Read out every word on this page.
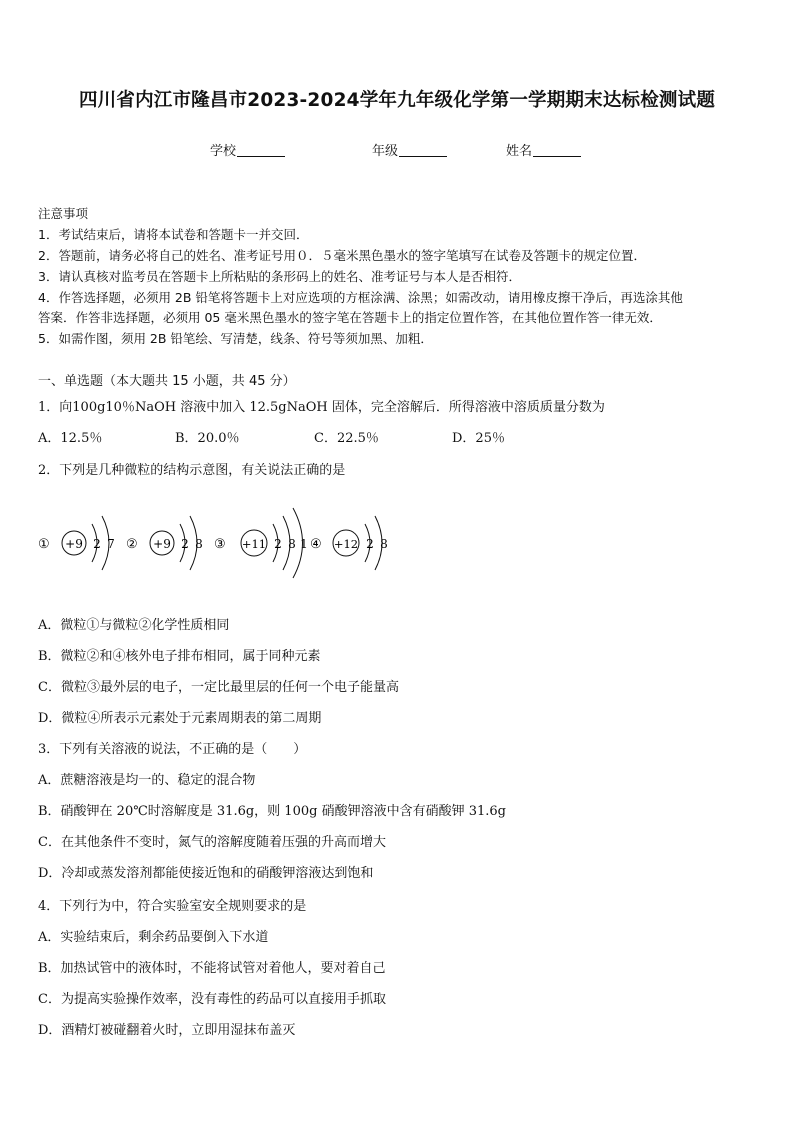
四川省内江市隆昌市2023-2024学年九年级化学第一学期期末达标检测试题
学校	年级	姓名
注意事项
1．考试结束后，请将本试卷和答题卡一并交回．
2．答题前，请务必将自己的姓名、准考证号用０．５毫米黑色墨水的签字笔填写在试卷及答题卡的规定位置．
3．请认真核对监考员在答题卡上所粘贴的条形码上的姓名、准考证号与本人是否相符．
4．作答选择题，必须用 2B 铅笔将答题卡上对应选项的方框涂满、涂黑；如需改动，请用橡皮擦干净后，再选涂其他
答案．作答非选择题，必须用 05 毫米黑色墨水的签字笔在答题卡上的指定位置作答，在其他位置作答一律无效．
5．如需作图，须用 2B 铅笔绘、写清楚，线条、符号等须加黑、加粗．
一、单选题（本大题共 15 小题，共 45 分）
1．向100g10％NaOH 溶液中加入 12.5gNaOH 固体，完全溶解后．所得溶液中溶质质量分数为
A．12.5％	B．20.0％	C．22.5％	D．25％
2．下列是几种微粒的结构示意图，有关说法正确的是
① +9 2 7 ② +9 2 8 ③ +11 2 8 1 ④ +12 2 8
A．微粒①与微粒②化学性质相同
B．微粒②和④核外电子排布相同，属于同种元素
C．微粒③最外层的电子，一定比最里层的任何一个电子能量高
D．微粒④所表示元素处于元素周期表的第二周期
3．下列有关溶液的说法，不正确的是（　　）
A．蔗糖溶液是均一的、稳定的混合物
B．硝酸钾在 20℃时溶解度是 31.6g，则 100g 硝酸钾溶液中含有硝酸钾 31.6g
C．在其他条件不变时，氮气的溶解度随着压强的升高而增大
D．冷却或蒸发溶剂都能使接近饱和的硝酸钾溶液达到饱和
4．下列行为中，符合实验室安全规则要求的是
A．实验结束后，剩余药品要倒入下水道
B．加热试管中的液体时，不能将试管对着他人，要对着自己
C．为提高实验操作效率，没有毒性的药品可以直接用手抓取
D．酒精灯被碰翻着火时，立即用湿抹布盖灭
